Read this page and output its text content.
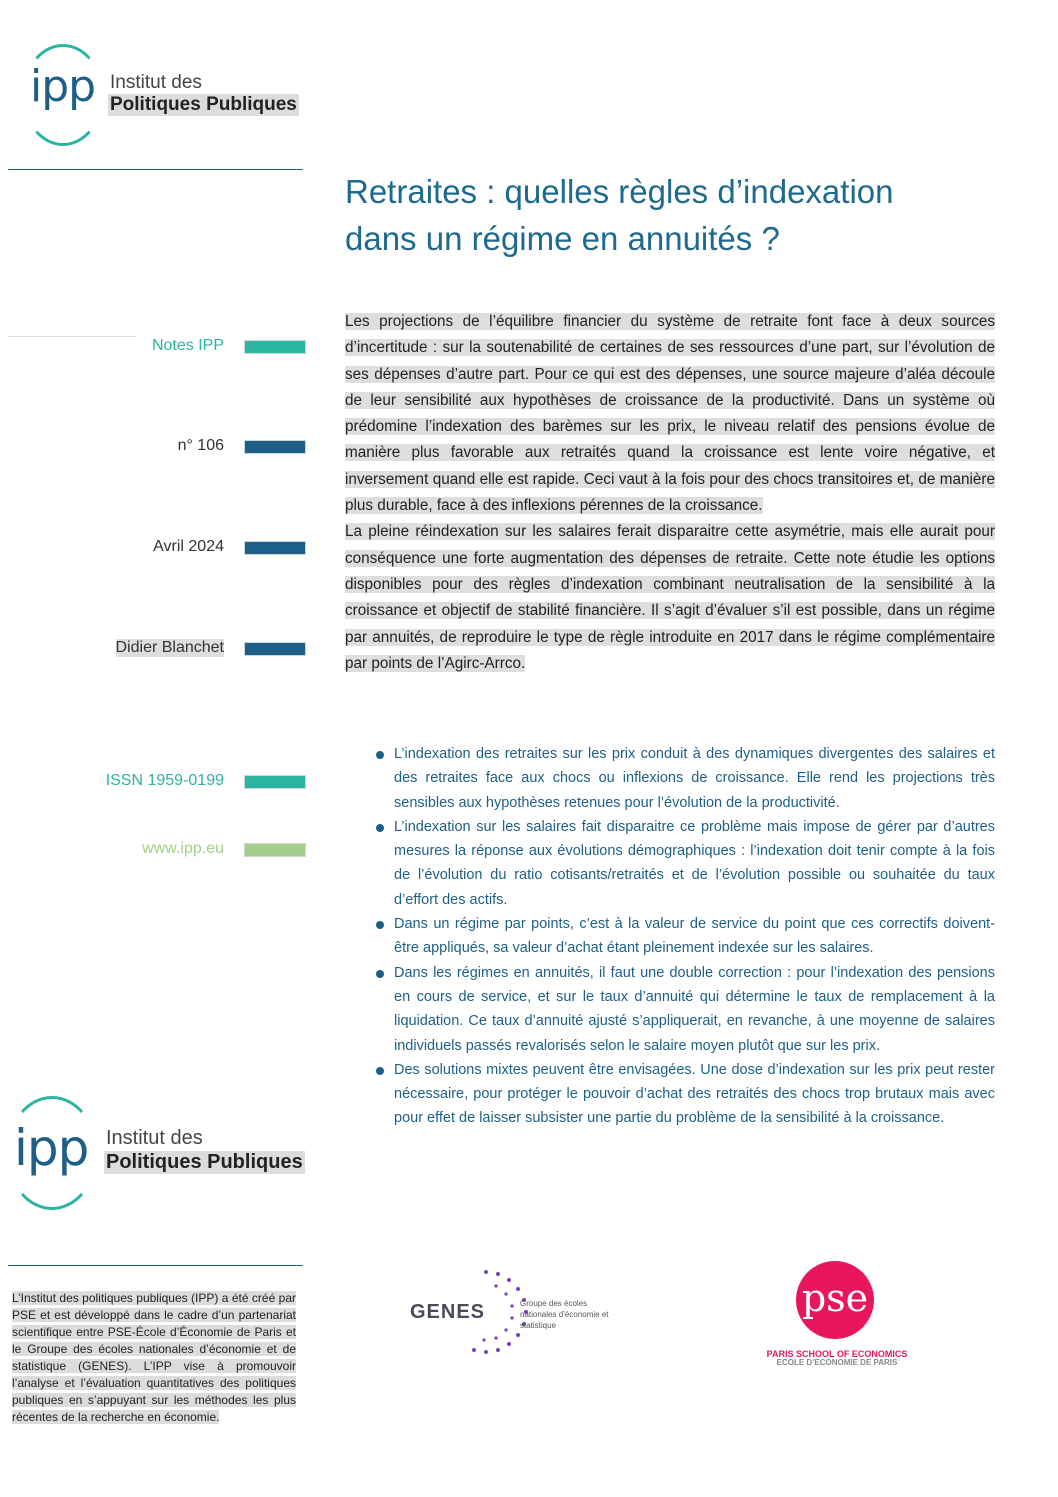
ipp Institut des
Politiques Publiques
Retraites : quelles règles d’indexation
dans un régime en annuités ?
Notes IPP
n° 106
Avril 2024
Didier Blanchet
ISSN 1959-0199
www.ipp.eu

Les projections de l’équilibre financier du système de retraite font face à deux sources d’incertitude : sur la soutenabilité de certaines de ses ressources d’une part, sur l’évolution de ses dépenses d’autre part. Pour ce qui est des dépenses, une source majeure d’aléa découle de leur sensibilité aux hypothèses de croissance de la productivité. Dans un système où prédomine l’indexation des barèmes sur les prix, le niveau relatif des pensions évolue de manière plus favorable aux retraités quand la croissance est lente voire négative, et inversement quand elle est rapide. Ceci vaut à la fois pour des chocs transitoires et, de manière plus durable, face à des inflexions pérennes de la croissance.

La pleine réindexation sur les salaires ferait disparaitre cette asymétrie, mais elle aurait pour conséquence une forte augmentation des dépenses de retraite. Cette note étudie les options disponibles pour des règles d’indexation combinant neutralisation de la sensibilité à la croissance et objectif de stabilité financière. Il s’agit d’évaluer s’il est possible, dans un régime par annuités, de reproduire le type de règle introduite en 2017 dans le régime complémentaire par points de l’Agirc-Arrco.

L’indexation des retraites sur les prix conduit à des dynamiques divergentes des salaires et des retraites face aux chocs ou inflexions de croissance. Elle rend les projections très sensibles aux hypothèses retenues pour l’évolution de la productivité.
L’indexation sur les salaires fait disparaitre ce problème mais impose de gérer par d’autres mesures la réponse aux évolutions démographiques : l’indexation doit tenir compte à la fois de l’évolution du ratio cotisants/retraités et de l’évolution possible ou souhaitée du taux d’effort des actifs.
Dans un régime par points, c’est à la valeur de service du point que ces correctifs doivent-être appliqués, sa valeur d’achat étant pleinement indexée sur les salaires.
Dans les régimes en annuités, il faut une double correction : pour l’indexation des pensions en cours de service, et sur le taux d’annuité qui détermine le taux de remplacement à la liquidation. Ce taux d’annuité ajusté s’appliquerait, en revanche, à une moyenne de salaires individuels passés revalorisés selon le salaire moyen plutôt que sur les prix.
Des solutions mixtes peuvent être envisagées. Une dose d’indexation sur les prix peut rester nécessaire, pour protéger le pouvoir d’achat des retraités des chocs trop brutaux mais avec pour effet de laisser subsister une partie du problème de la sensibilité à la croissance.
ipp Institut des
Politiques Publiques
L’Institut des politiques publiques (IPP) a été créé par PSE et est développé dans le cadre d’un partenariat scientifique entre PSE-École d’Économie de Paris et le Groupe des écoles nationales d’économie et de statistique (GENES). L’IPP vise à promouvoir l’analyse et l’évaluation quantitatives des politiques publiques en s’appuyant sur les méthodes les plus récentes de la recherche en économie.
GENES	Groupe des écoles nationales d’économie et statistique
pse
PARIS SCHOOL OF ECONOMICS
ECOLE D’ECONOMIE DE PARIS
